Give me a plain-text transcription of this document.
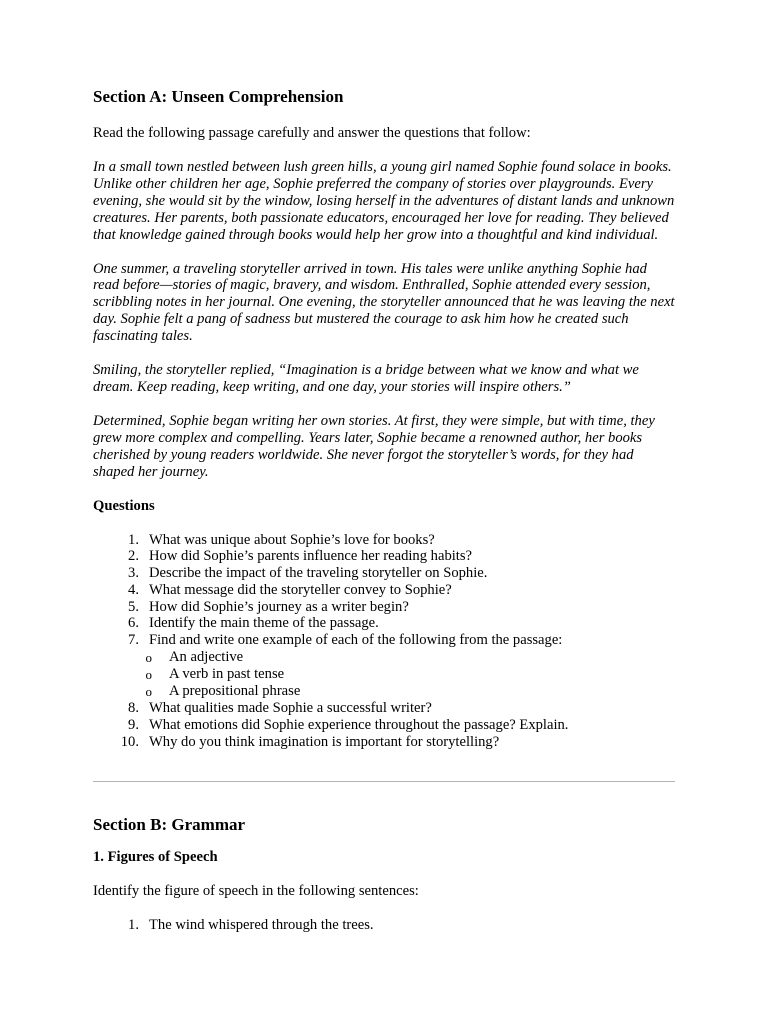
Section A: Unseen Comprehension

Read the following passage carefully and answer the questions that follow:

In a small town nestled between lush green hills, a young girl named Sophie found solace in books. Unlike other children her age, Sophie preferred the company of stories over playgrounds. Every evening, she would sit by the window, losing herself in the adventures of distant lands and unknown creatures. Her parents, both passionate educators, encouraged her love for reading. They believed that knowledge gained through books would help her grow into a thoughtful and kind individual.

One summer, a traveling storyteller arrived in town. His tales were unlike anything Sophie had read before—stories of magic, bravery, and wisdom. Enthralled, Sophie attended every session, scribbling notes in her journal. One evening, the storyteller announced that he was leaving the next day. Sophie felt a pang of sadness but mustered the courage to ask him how he created such fascinating tales.

Smiling, the storyteller replied, “Imagination is a bridge between what we know and what we dream. Keep reading, keep writing, and one day, your stories will inspire others.”

Determined, Sophie began writing her own stories. At first, they were simple, but with time, they grew more complex and compelling. Years later, Sophie became a renowned author, her books cherished by young readers worldwide. She never forgot the storyteller’s words, for they had shaped her journey.

Questions

1. What was unique about Sophie’s love for books?
2. How did Sophie’s parents influence her reading habits?
3. Describe the impact of the traveling storyteller on Sophie.
4. What message did the storyteller convey to Sophie?
5. How did Sophie’s journey as a writer begin?
6. Identify the main theme of the passage.
7. Find and write one example of each of the following from the passage:
o	An adjective
o	A verb in past tense
o	A prepositional phrase
8. What qualities made Sophie a successful writer?
9. What emotions did Sophie experience throughout the passage? Explain.
10. Why do you think imagination is important for storytelling?
Section B: Grammar

1. Figures of Speech

Identify the figure of speech in the following sentences:

1. The wind whispered through the trees.
